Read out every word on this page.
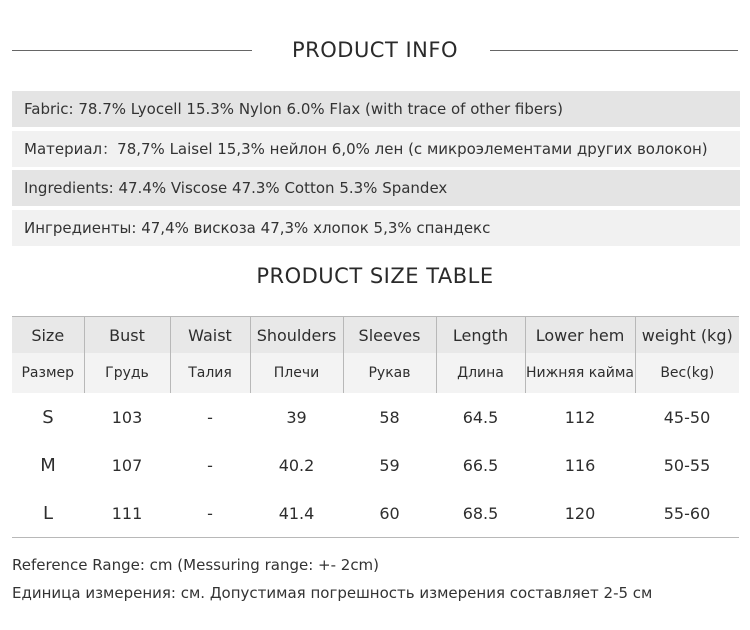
PRODUCT INFO
Fabric: 78.7% Lyocell 15.3% Nylon 6.0% Flax (with trace of other fibers)
Материал：78,7% Laisel 15,3% нейлон 6,0% лен (с микроэлементами других волокон)
Ingredients: 47.4% Viscose 47.3% Cotton 5.3% Spandex
Ингредиенты: 47,4% вискоза 47,3% хлопок 5,3% спандекс
PRODUCT SIZE TABLE
Size	Bust	Waist	Shoulders	Sleeves	Length	Lower hem	weight (kg)
Размер	Грудь	Талия	Плечи	Рукав	Длина	Нижняя кайма	Вес(kg)
S	103	-	39	58	64.5	112	45-50
M	107	-	40.2	59	66.5	116	50-55
L	111	-	41.4	60	68.5	120	55-60
Reference Range: cm (Messuring range: +- 2cm)
Единица измерения: см. Допустимая погрешность измерения составляет 2-5 см
